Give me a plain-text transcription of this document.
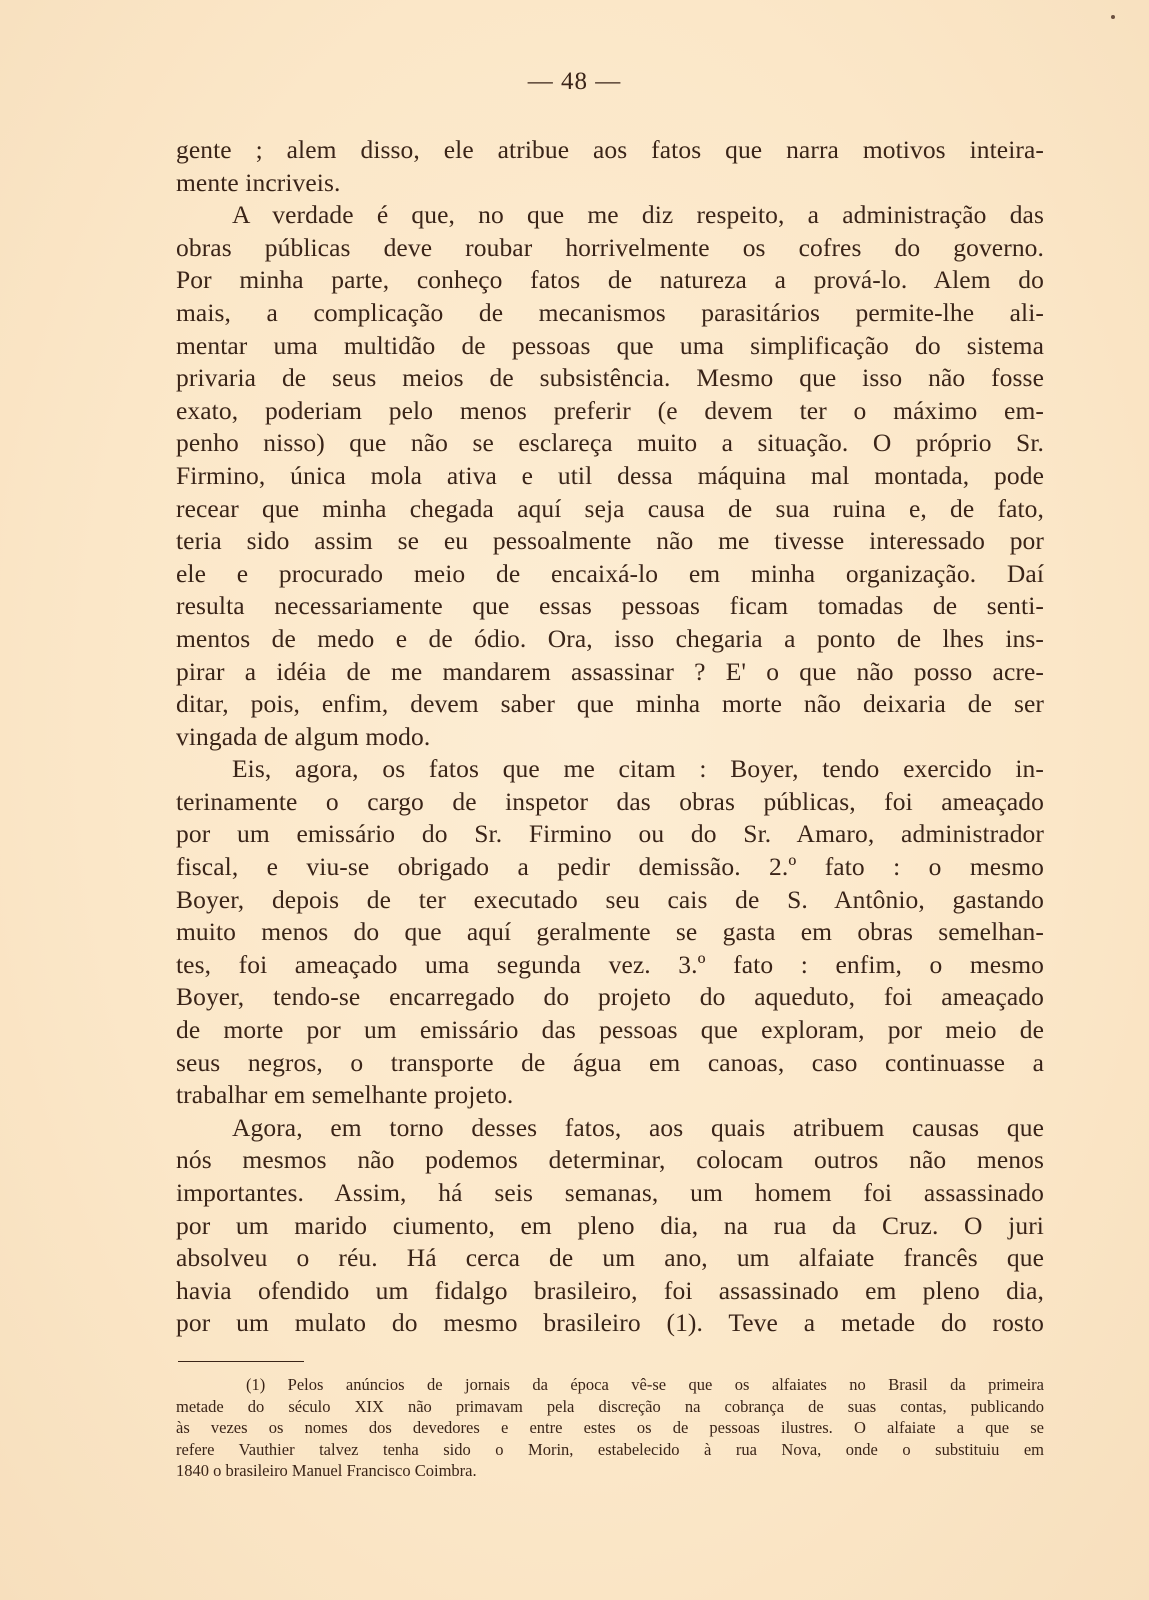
— 48 —
gente ; alem disso, ele atribue aos fatos que narra motivos inteira-
mente incriveis.
A verdade é que, no que me diz respeito, a administração das
obras públicas deve roubar horrivelmente os cofres do governo.
Por minha parte, conheço fatos de natureza a prová-lo. Alem do
mais, a complicação de mecanismos parasitários permite-lhe ali-
mentar uma multidão de pessoas que uma simplificação do sistema
privaria de seus meios de subsistência. Mesmo que isso não fosse
exato, poderiam pelo menos preferir (e devem ter o máximo em-
penho nisso) que não se esclareça muito a situação. O próprio Sr.
Firmino, única mola ativa e util dessa máquina mal montada, pode
recear que minha chegada aquí seja causa de sua ruina e, de fato,
teria sido assim se eu pessoalmente não me tivesse interessado por
ele e procurado meio de encaixá-lo em minha organização. Daí
resulta necessariamente que essas pessoas ficam tomadas de senti-
mentos de medo e de ódio. Ora, isso chegaria a ponto de lhes ins-
pirar a idéia de me mandarem assassinar ? E' o que não posso acre-
ditar, pois, enfim, devem saber que minha morte não deixaria de ser
vingada de algum modo.
Eis, agora, os fatos que me citam : Boyer, tendo exercido in-
terinamente o cargo de inspetor das obras públicas, foi ameaçado
por um emissário do Sr. Firmino ou do Sr. Amaro, administrador
fiscal, e viu-se obrigado a pedir demissão. 2.º fato : o mesmo
Boyer, depois de ter executado seu cais de S. Antônio, gastando
muito menos do que aquí geralmente se gasta em obras semelhan-
tes, foi ameaçado uma segunda vez. 3.º fato : enfim, o mesmo
Boyer, tendo-se encarregado do projeto do aqueduto, foi ameaçado
de morte por um emissário das pessoas que exploram, por meio de
seus negros, o transporte de água em canoas, caso continuasse a
trabalhar em semelhante projeto.
Agora, em torno desses fatos, aos quais atribuem causas que
nós mesmos não podemos determinar, colocam outros não menos
importantes. Assim, há seis semanas, um homem foi assassinado
por um marido ciumento, em pleno dia, na rua da Cruz. O juri
absolveu o réu. Há cerca de um ano, um alfaiate francês que
havia ofendido um fidalgo brasileiro, foi assassinado em pleno dia,
por um mulato do mesmo brasileiro (1). Teve a metade do rosto
(1) Pelos anúncios de jornais da época vê-se que os alfaiates no Brasil da primeira
metade do século XIX não primavam pela discreção na cobrança de suas contas, publicando
às vezes os nomes dos devedores e entre estes os de pessoas ilustres. O alfaiate a que se
refere Vauthier talvez tenha sido o Morin, estabelecido à rua Nova, onde o substituiu em
1840 o brasileiro Manuel Francisco Coimbra.
